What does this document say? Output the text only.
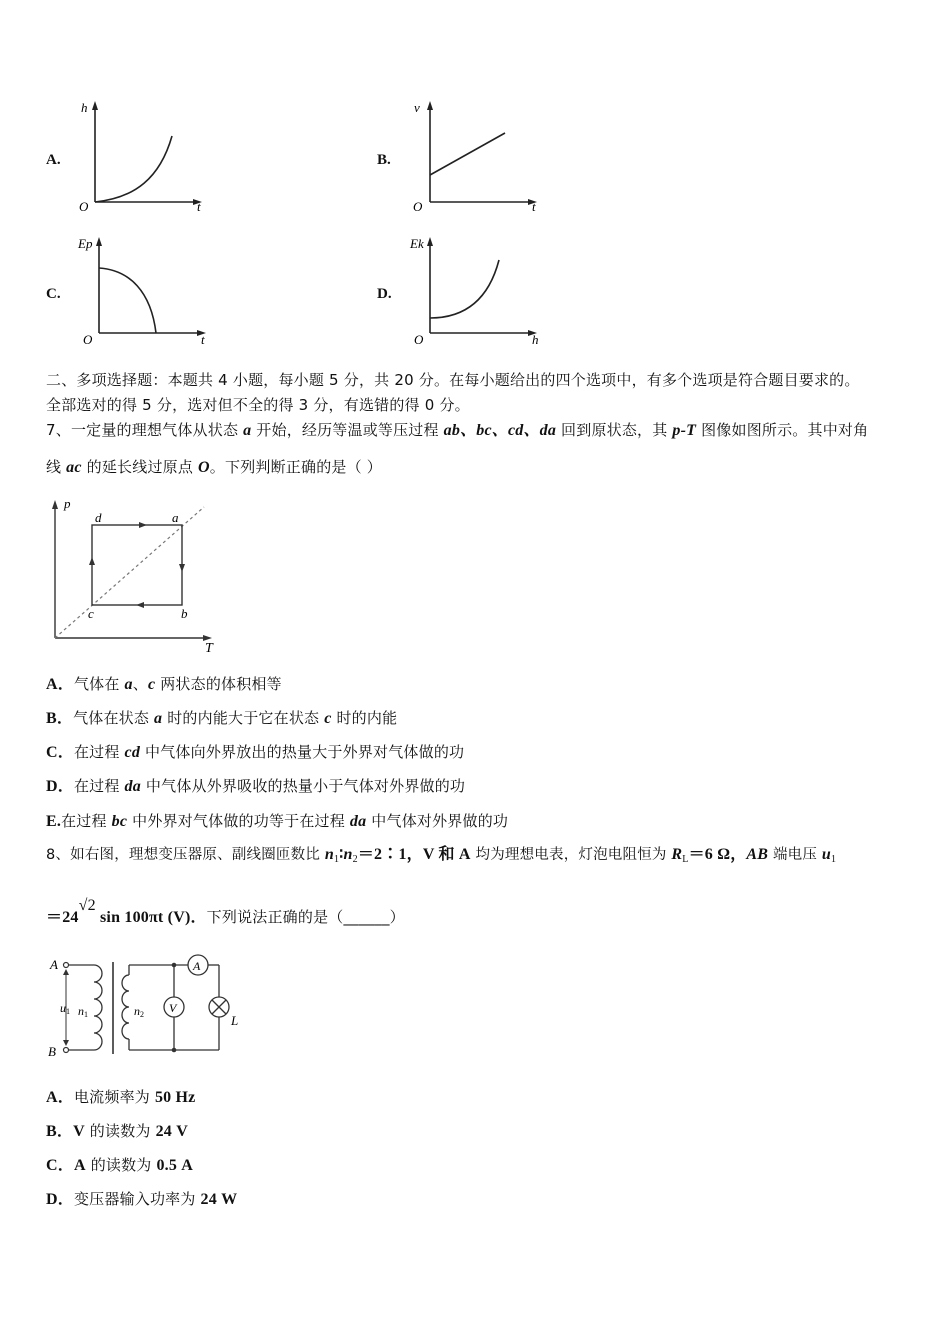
A.
h
O	t
B.
v
O	t
C.
Ep
O	t
D.
Ek
O	h
二、多项选择题：本题共 4 小题，每小题 5 分，共 20 分。在每小题给出的四个选项中，有多个选项是符合题目要求的。
全部选对的得 5 分，选对但不全的得 3 分，有选错的得 0 分。
7、一定量的理想气体从状态 a 开始，经历等温或等压过程 ab、bc、cd、da 回到原状态，其 p-T 图像如图所示。其中对角
线 ac 的延长线过原点 O。下列判断正确的是（ ）
p
T
d	a
c	b
A．气体在 a、c 两状态的体积相等
B．气体在状态 a 时的内能大于它在状态 c 时的内能
C．在过程 cd 中气体向外界放出的热量大于外界对气体做的功
D．在过程 da 中气体从外界吸收的热量小于气体对外界做的功
E.在过程 bc 中外界对气体做的功等于在过程 da 中气体对外界做的功
8、如右图，理想变压器原、副线圈匝数比 $n_1∶n_2=2∶1$，V 和 A 均为理想电表，灯泡电阻恒为 $R_L=6$ Ω，AB 端电压 $u_1$
＝24√2 sin 100πt (V)．下列说法正确的是（______）
A
B
. u1 n1	n2 V
A
L
A．电流频率为 50 Hz
B．V 的读数为 24 V
C．A 的读数为 0.5 A
D．变压器输入功率为 24 W
